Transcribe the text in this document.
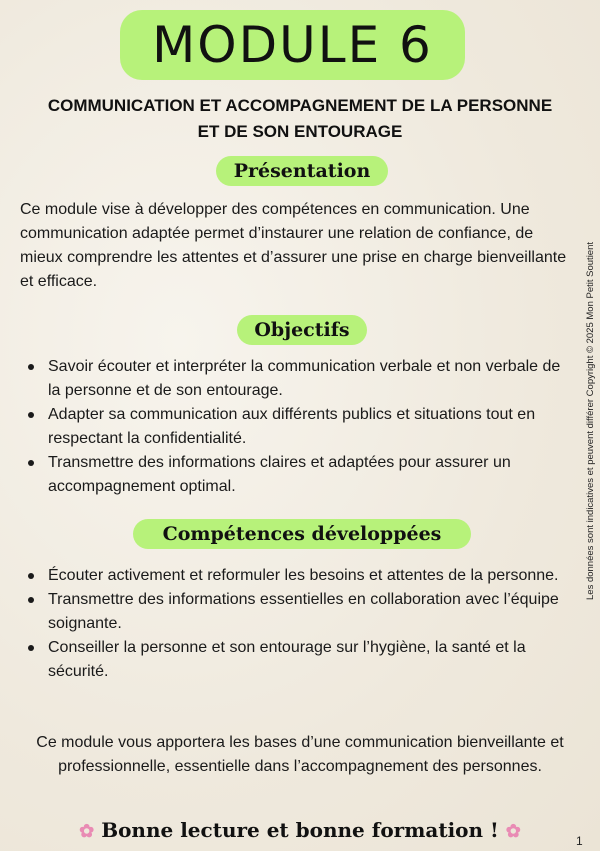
MODULE 6
COMMUNICATION ET ACCOMPAGNEMENT DE LA PERSONNE
ET DE SON ENTOURAGE
Présentation
Ce module vise à développer des compétences en communication. Une communication adaptée permet d’instaurer une relation de confiance, de mieux comprendre les attentes et d’assurer une prise en charge bienveillante et efficace.
Objectifs
Savoir écouter et interpréter la communication verbale et non verbale de la personne et de son entourage.
Adapter sa communication aux différents publics et situations tout en respectant la confidentialité.
Transmettre des informations claires et adaptées pour assurer un accompagnement optimal.
Compétences développées
Écouter activement et reformuler les besoins et attentes de la personne.
Transmettre des informations essentielles en collaboration avec l’équipe soignante.
Conseiller la personne et son entourage sur l’hygiène, la santé et la sécurité.
Ce module vous apportera les bases d’une communication bienveillante et professionnelle, essentielle dans l’accompagnement des personnes.
✿ Bonne lecture et bonne formation ! ✿	1
Les données sont indicatives et peuvent différer Copyright © 2025 Mon Petit Soutient
